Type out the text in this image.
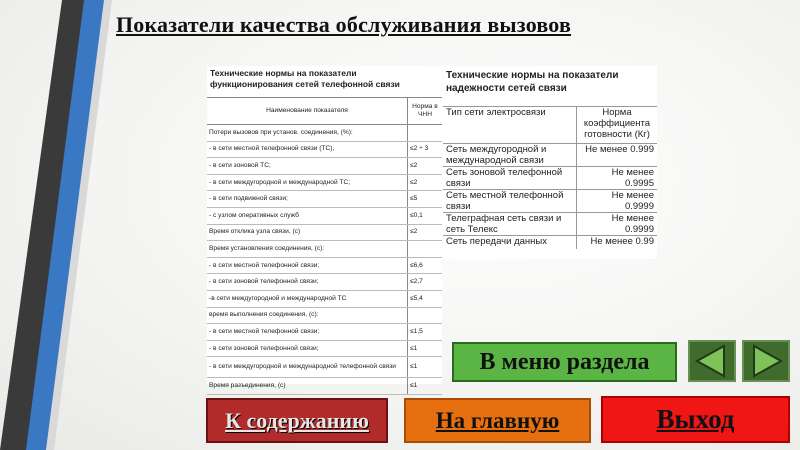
Показатели качества обслуживания вызовов
Технические нормы на показатели
функционирования сетей телефонной связи
Наименование показателя	Норма в ЧНН
Потери вызовов при установ. соединения, (%):	
- в сети местной телефонной связи (ТС),	≤2 ÷ 3
- в сети зоновой ТС;	≤2
- в сети междугородной и международной ТС;	≤2
- в сети подвижной связи;	≤5
- с узлом оперативных служб	≤0,1
Время отклика узла связи, (с)	≤2
Время установления соединения, (с):	
- в сети местной телефонной связи;	≤6,6
- в сети зоновой телефонной связи;	≤2,7
-в сети междугородной и международной ТС	≤5,4
время выполнения соединения, (с):	
- в сети местной телефонной связи;	≤1,5
- в сети зоновой телефонной связи;	≤1
- в сети междугородной и международной телефонной связи	≤1
Время разъединения, (с)	≤1
Технические нормы на показатели
надежности сетей связи
Тип сети электросвязи	Норма коэффициента готовности (Кг)
Сеть междугородной и международной связи	Не менее 0.999
Сеть зоновой телефонной связи	Не менее 0.9995
Сеть местной телефонной связи	Не менее 0.9999
Телеграфная сеть связи и сеть Телекс	Не менее 0.9999
Сеть передачи данных	Не менее 0.99
В меню раздела
К содержанию	На главную	Выход
